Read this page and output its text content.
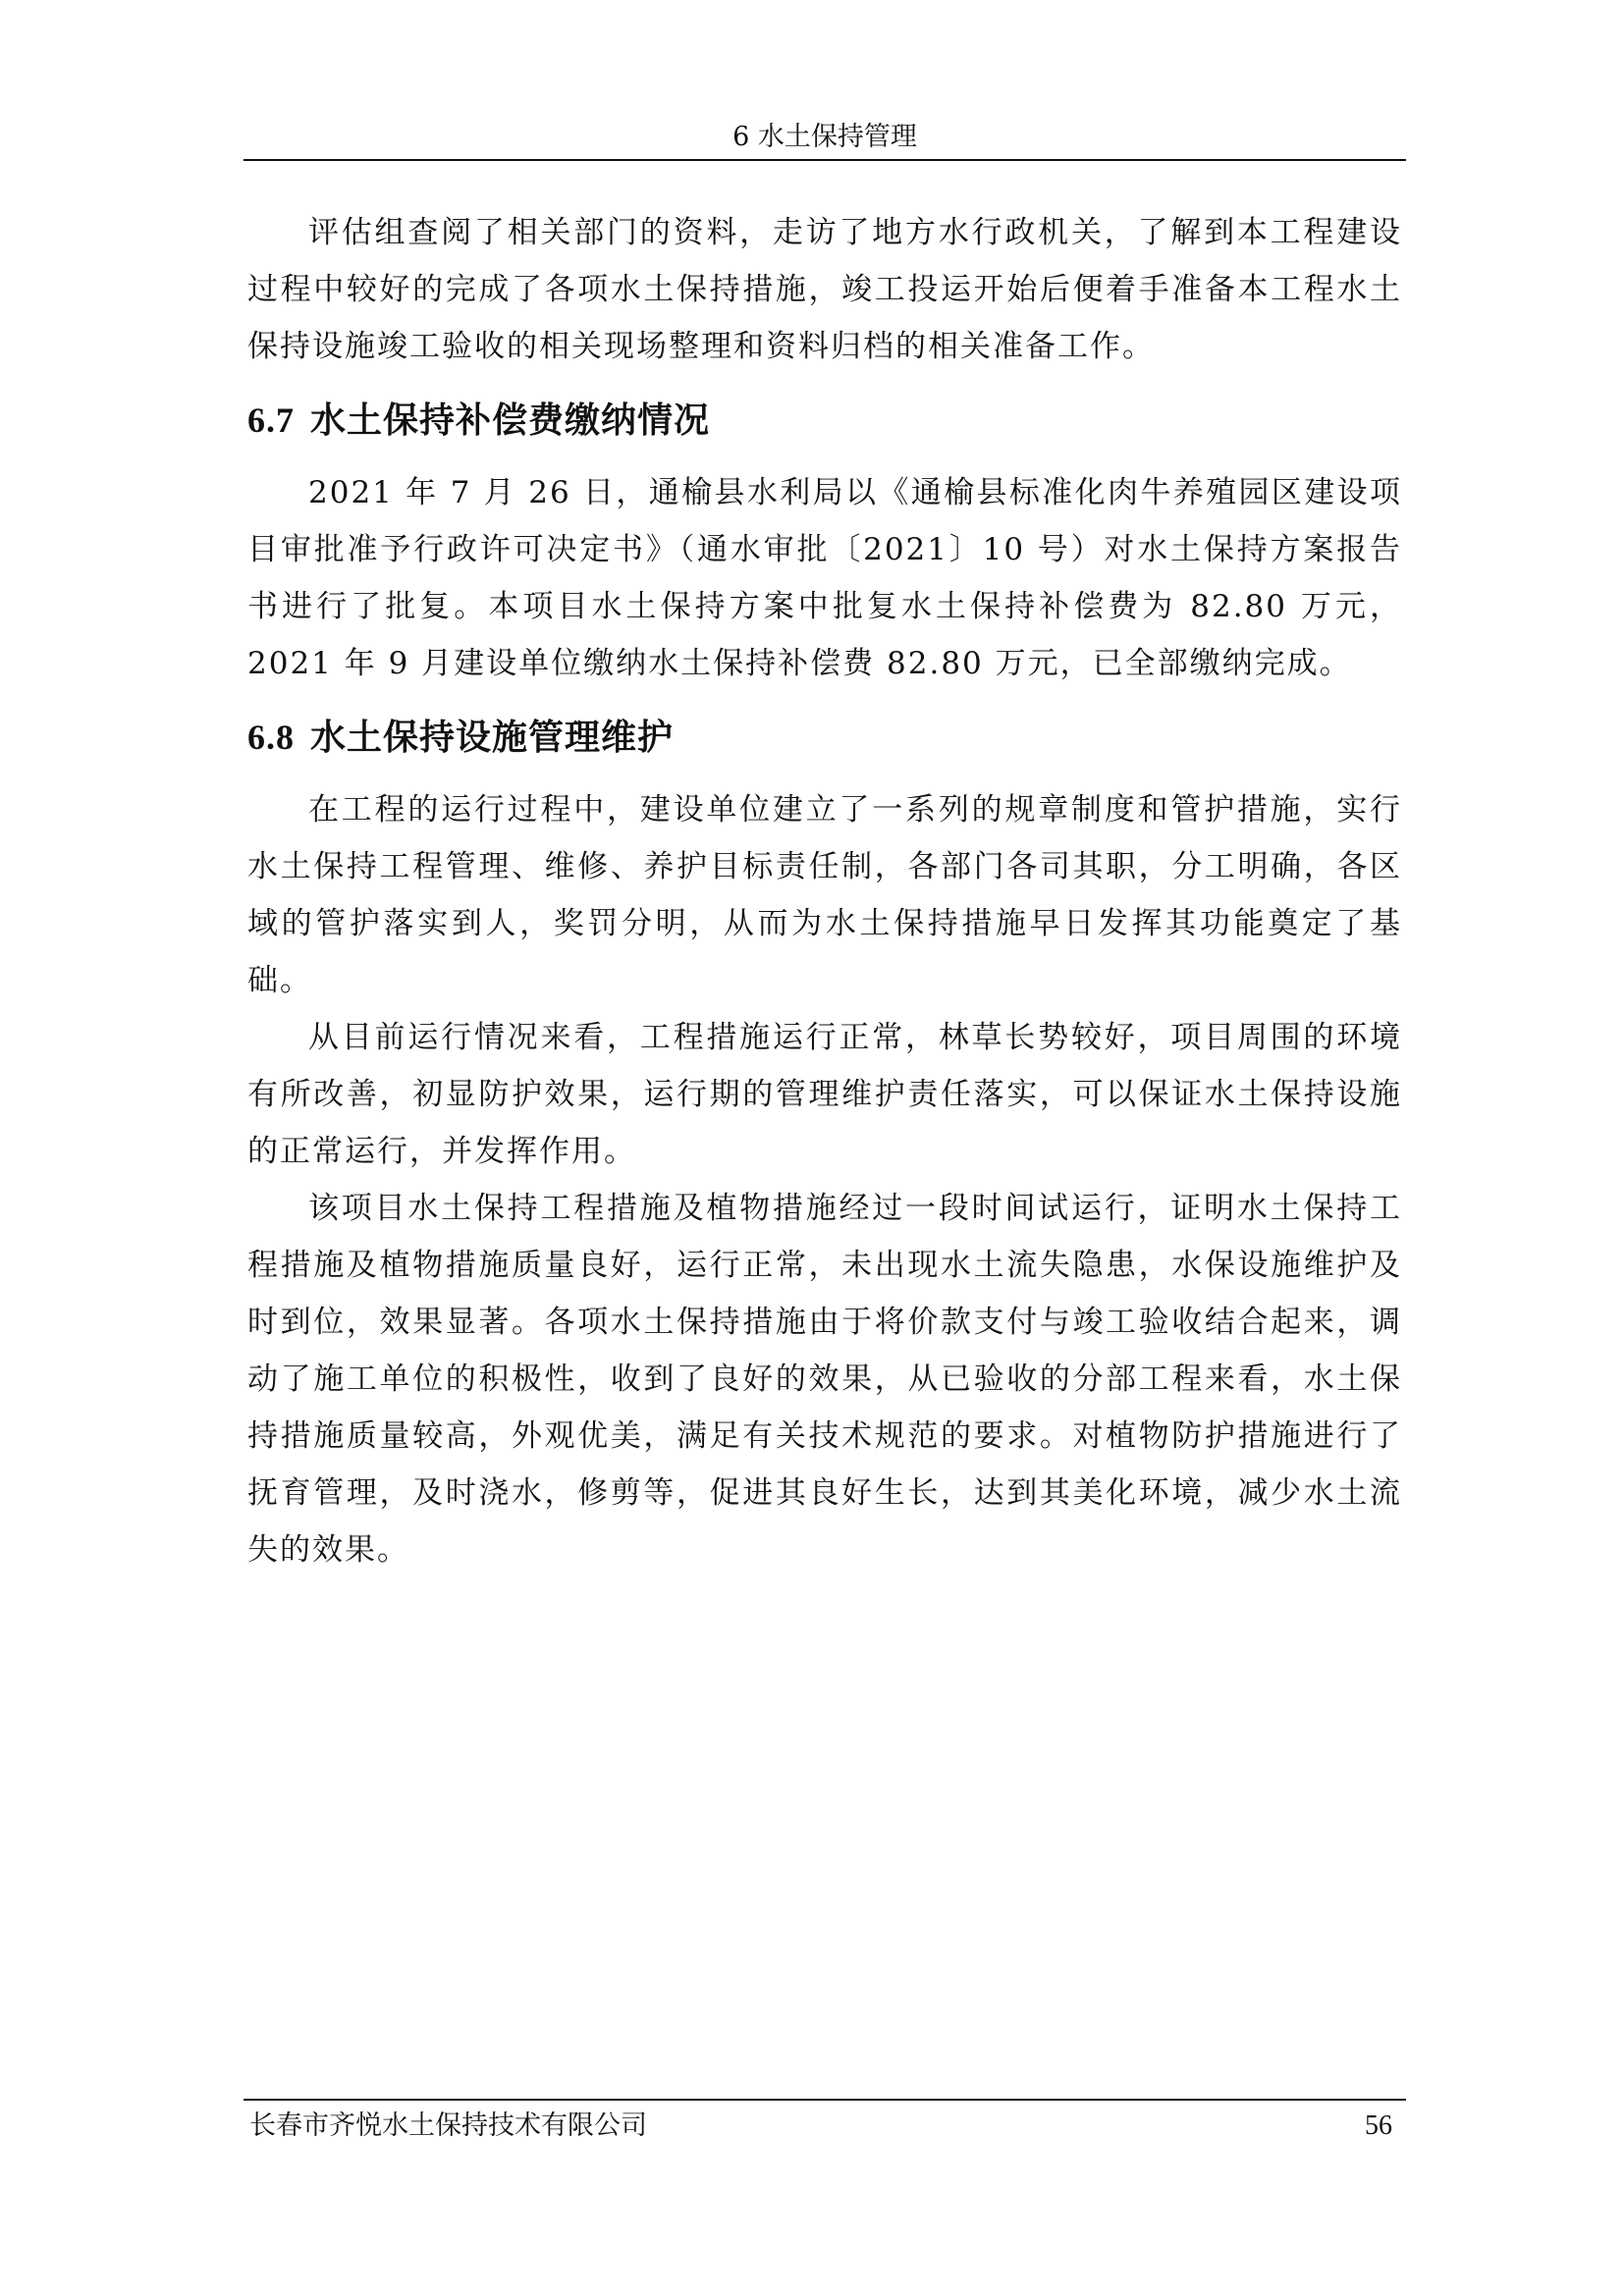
6 水土保持管理

评估组查阅了相关部门的资料，走访了地方水行政机关，了解到本工程建设过程中较好的完成了各项水土保持措施，竣工投运开始后便着手准备本工程水土保持设施竣工验收的相关现场整理和资料归档的相关准备工作。

6.7 水土保持补偿费缴纳情况

2021 年 7 月 26 日，通榆县水利局以《通榆县标准化肉牛养殖园区建设项目审批准予行政许可决定书》（通水审批〔2021〕10 号）对水土保持方案报告书进行了批复。本项目水土保持方案中批复水土保持补偿费为 82.80 万元，2021 年 9 月建设单位缴纳水土保持补偿费 82.80 万元，已全部缴纳完成。

6.8 水土保持设施管理维护

在工程的运行过程中，建设单位建立了一系列的规章制度和管护措施，实行水土保持工程管理、维修、养护目标责任制，各部门各司其职，分工明确，各区域的管护落实到人，奖罚分明，从而为水土保持措施早日发挥其功能奠定了基础。

从目前运行情况来看，工程措施运行正常，林草长势较好，项目周围的环境有所改善，初显防护效果，运行期的管理维护责任落实，可以保证水土保持设施的正常运行，并发挥作用。

该项目水土保持工程措施及植物措施经过一段时间试运行，证明水土保持工程措施及植物措施质量良好，运行正常，未出现水土流失隐患，水保设施维护及时到位，效果显著。各项水土保持措施由于将价款支付与竣工验收结合起来，调动了施工单位的积极性，收到了良好的效果，从已验收的分部工程来看，水土保持措施质量较高，外观优美，满足有关技术规范的要求。对植物防护措施进行了抚育管理，及时浇水，修剪等，促进其良好生长，达到其美化环境，减少水土流失的效果。

长春市齐悦水土保持技术有限公司	56
